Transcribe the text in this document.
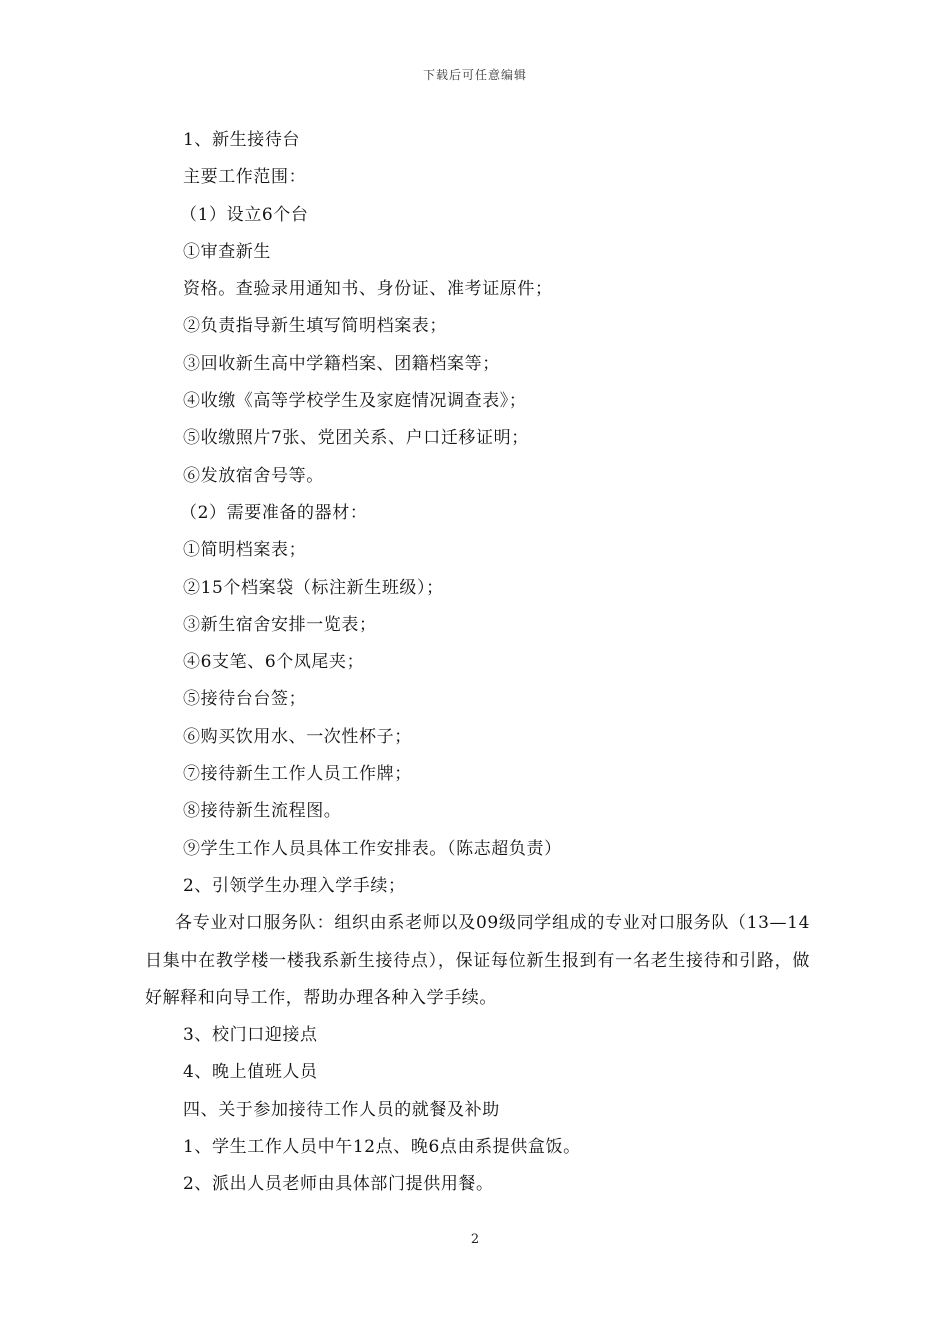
下载后可任意编辑
1、新生接待台
主要工作范围：
（1）设立6个台
①审查新生
资格。查验录用通知书、身份证、准考证原件；
②负责指导新生填写简明档案表；
③回收新生高中学籍档案、团籍档案等；
④收缴《高等学校学生及家庭情况调查表》；
⑤收缴照片7张、党团关系、户口迁移证明；
⑥发放宿舍号等。
（2）需要准备的器材：
①简明档案表；
②15个档案袋（标注新生班级）；
③新生宿舍安排一览表；
④6支笔、6个凤尾夹；
⑤接待台台签；
⑥购买饮用水、一次性杯子；
⑦接待新生工作人员工作牌；
⑧接待新生流程图。
⑨学生工作人员具体工作安排表。（陈志超负责）
2、引领学生办理入学手续；
各专业对口服务队：组织由系老师以及09级同学组成的专业对口服务队（13—14日集中在教学楼一楼我系新生接待点），保证每位新生报到有一名老生接待和引路，做好解释和向导工作，帮助办理各种入学手续。
3、校门口迎接点
4、晚上值班人员
四、关于参加接待工作人员的就餐及补助
1、学生工作人员中午12点、晚6点由系提供盒饭。
2、派出人员老师由具体部门提供用餐。
2
